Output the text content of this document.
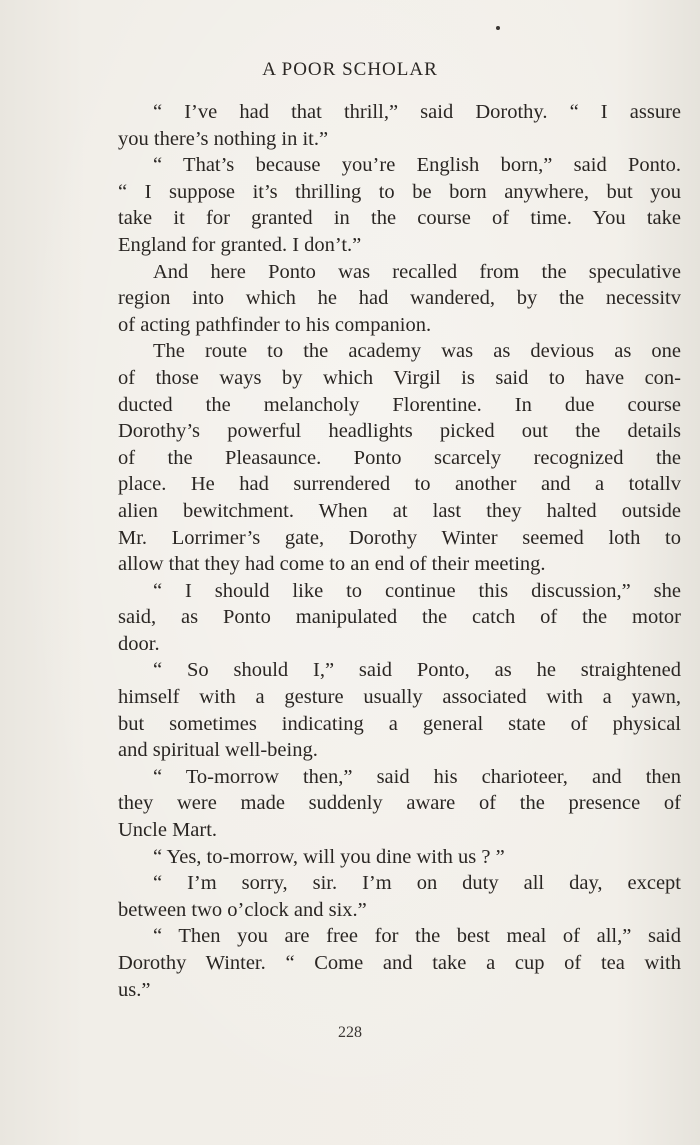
A POOR SCHOLAR
“ I’ve had that thrill,” said Dorothy. “ I assure
you there’s nothing in it.”
“ That’s because you’re English born,” said Ponto.
“ I suppose it’s thrilling to be born anywhere, but you
take it for granted in the course of time. You take
England for granted. I don’t.”
And here Ponto was recalled from the speculative
region into which he had wandered, by the necessitv
of acting pathfinder to his companion.
The route to the academy was as devious as one
of those ways by which Virgil is said to have con-
ducted the melancholy Florentine. In due course
Dorothy’s powerful headlights picked out the details
of the Pleasaunce. Ponto scarcely recognized the
place. He had surrendered to another and a totallv
alien bewitchment. When at last they halted outside
Mr. Lorrimer’s gate, Dorothy Winter seemed loth to
allow that they had come to an end of their meeting.
“ I should like to continue this discussion,” she
said, as Ponto manipulated the catch of the motor
door.
“ So should I,” said Ponto, as he straightened
himself with a gesture usually associated with a yawn,
but sometimes indicating a general state of physical
and spiritual well-being.
“ To-morrow then,” said his charioteer, and then
they were made suddenly aware of the presence of
Uncle Mart.
“ Yes, to-morrow, will you dine with us ? ”
“ I’m sorry, sir. I’m on duty all day, except
between two o’clock and six.”
“ Then you are free for the best meal of all,” said
Dorothy Winter. “ Come and take a cup of tea with
us.”
228
